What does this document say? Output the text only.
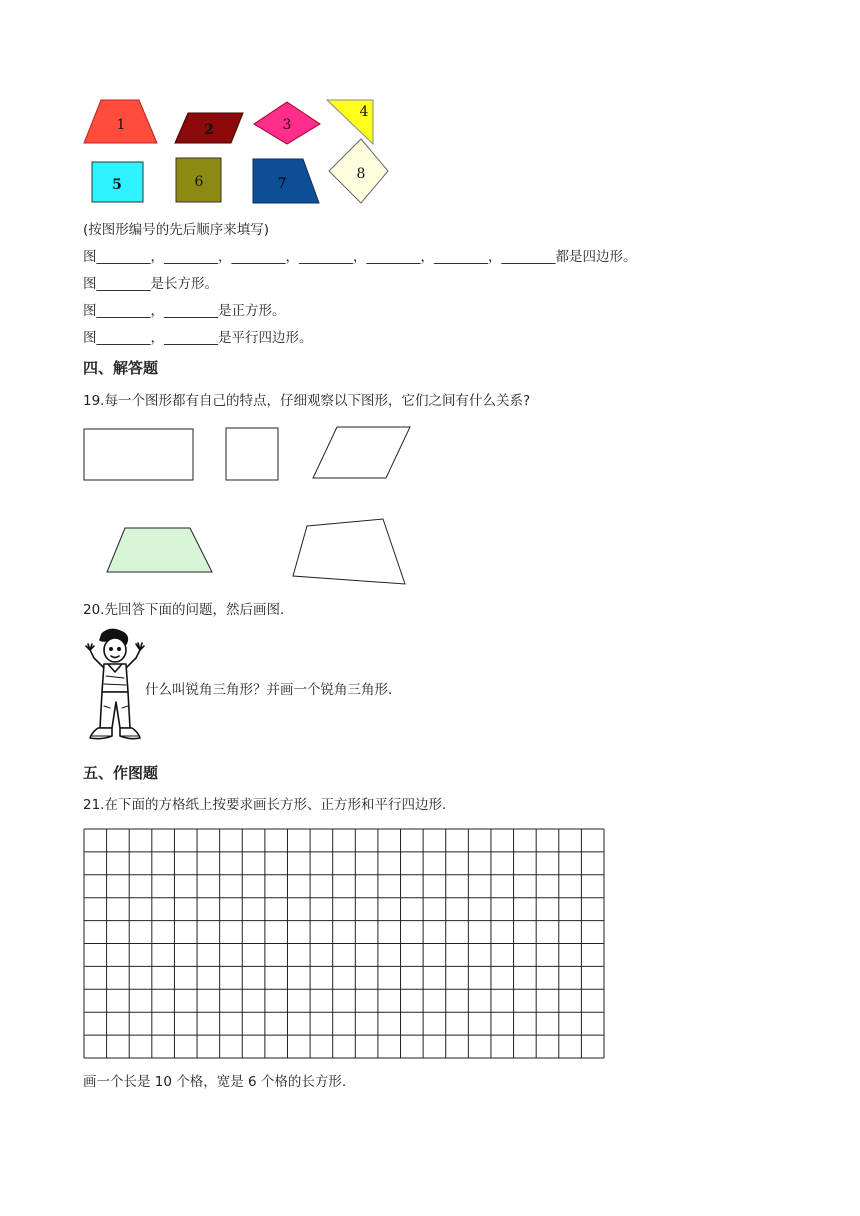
1	2	3
4
5	6	7
8
(按图形编号的先后顺序来填写)
图________，________，________，________，________，________，________都是四边形。
图________是长方形。
图________，________是正方形。
图________，________是平行四边形。
四、解答题
19.每一个图形都有自己的特点，仔细观察以下图形，它们之间有什么关系?
20.先回答下面的问题，然后画图.
什么叫锐角三角形？并画一个锐角三角形.
五、作图题
21.在下面的方格纸上按要求画长方形、正方形和平行四边形.
画一个长是 10 个格，宽是 6 个格的长方形.
